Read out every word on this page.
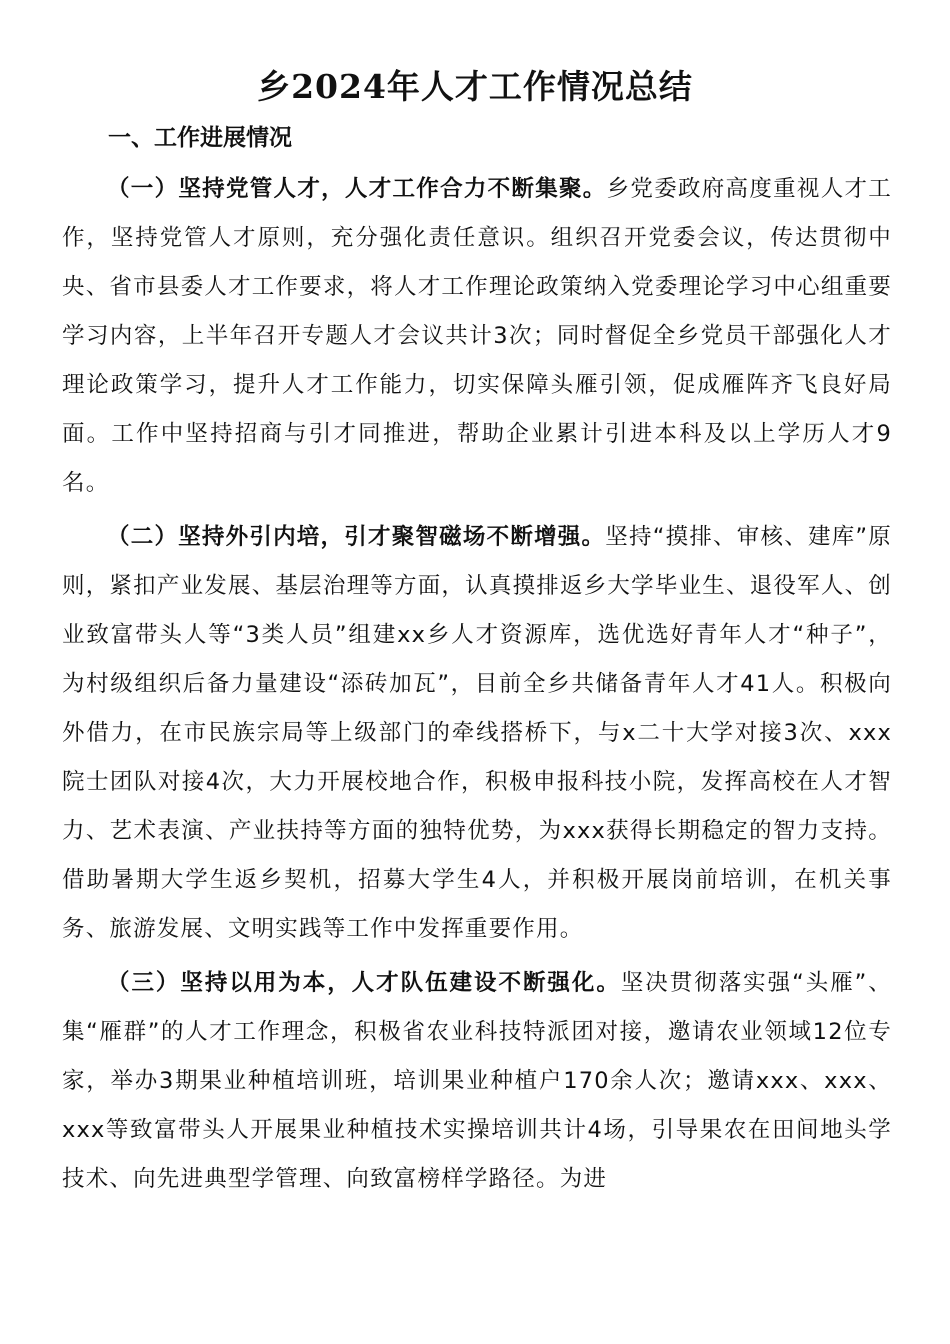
乡2024年人才工作情况总结
一、工作进展情况

（一）坚持党管人才，人才工作合力不断集聚。乡党委政府高度重视人才工作，坚持党管人才原则，充分强化责任意识。组织召开党委会议，传达贯彻中央、省市县委人才工作要求，将人才工作理论政策纳入党委理论学习中心组重要学习内容，上半年召开专题人才会议共计3次；同时督促全乡党员干部强化人才理论政策学习，提升人才工作能力，切实保障头雁引领，促成雁阵齐飞良好局面。工作中坚持招商与引才同推进，帮助企业累计引进本科及以上学历人才9名。

（二）坚持外引内培，引才聚智磁场不断增强。坚持“摸排、审核、建库”原则，紧扣产业发展、基层治理等方面，认真摸排返乡大学毕业生、退役军人、创业致富带头人等“3类人员”组建xx乡人才资源库，选优选好青年人才“种子”，为村级组织后备力量建设“添砖加瓦”，目前全乡共储备青年人才41人。积极向外借力，在市民族宗局等上级部门的牵线搭桥下，与x二十大学对接3次、xxx院士团队对接4次，大力开展校地合作，积极申报科技小院，发挥高校在人才智力、艺术表演、产业扶持等方面的独特优势，为xxx获得长期稳定的智力支持。借助暑期大学生返乡契机，招募大学生4人，并积极开展岗前培训，在机关事务、旅游发展、文明实践等工作中发挥重要作用。

（三）坚持以用为本，人才队伍建设不断强化。坚决贯彻落实强“头雁”、集“雁群”的人才工作理念，积极省农业科技特派团对接，邀请农业领域12位专家，举办3期果业种植培训班，培训果业种植户170余人次；邀请xxx、xxx、xxx等致富带头人开展果业种植技术实操培训共计4场，引导果农在田间地头学技术、向先进典型学管理、向致富榜样学路径。为进
